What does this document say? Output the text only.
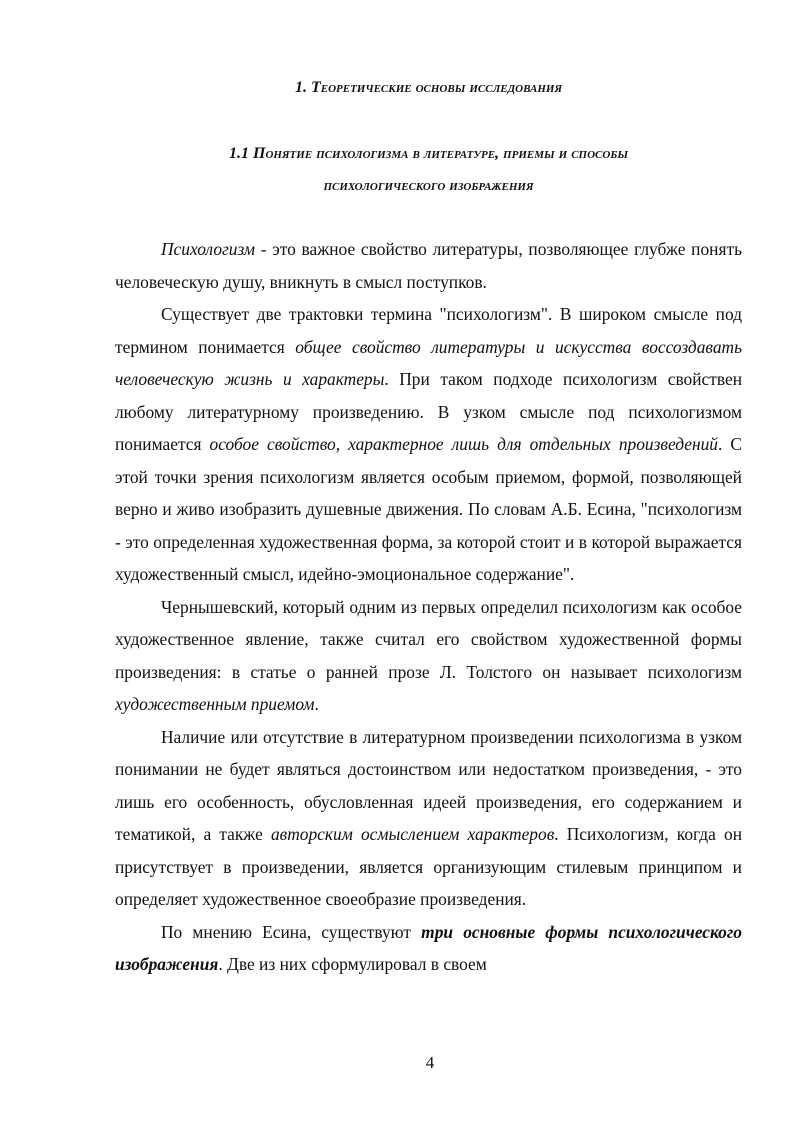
1. Теоретические основы исследования
1.1 Понятие психологизма в литературе, приемы и способы
психологического изображения

Психологизм - это важное свойство литературы, позволяющее глубже понять человеческую душу, вникнуть в смысл поступков.

Существует две трактовки термина "психологизм". В широком смысле под термином понимается общее свойство литературы и искусства воссоздавать человеческую жизнь и характеры. При таком подходе психологизм свойствен любому литературному произведению. В узком смысле под психологизмом понимается особое свойство, характерное лишь для отдельных произведений. С этой точки зрения психологизм является особым приемом, формой, позволяющей верно и живо изобразить душевные движения. По словам А.Б. Есина, "психологизм - это определенная художественная форма, за которой стоит и в которой выражается художественный смысл, идейно-эмоциональное содержание".

Чернышевский, который одним из первых определил психологизм как особое художественное явление, также считал его свойством художественной формы произведения: в статье о ранней прозе Л. Толстого он называет психологизм художественным приемом.

Наличие или отсутствие в литературном произведении психологизма в узком понимании не будет являться достоинством или недостатком произведения, - это лишь его особенность, обусловленная идеей произведения, его содержанием и тематикой, а также авторским осмыслением характеров. Психологизм, когда он присутствует в произведении, является организующим стилевым принципом и определяет художественное своеобразие произведения.

По мнению Есина, существуют три основные формы психологического изображения. Две из них сформулировал в своем

4
